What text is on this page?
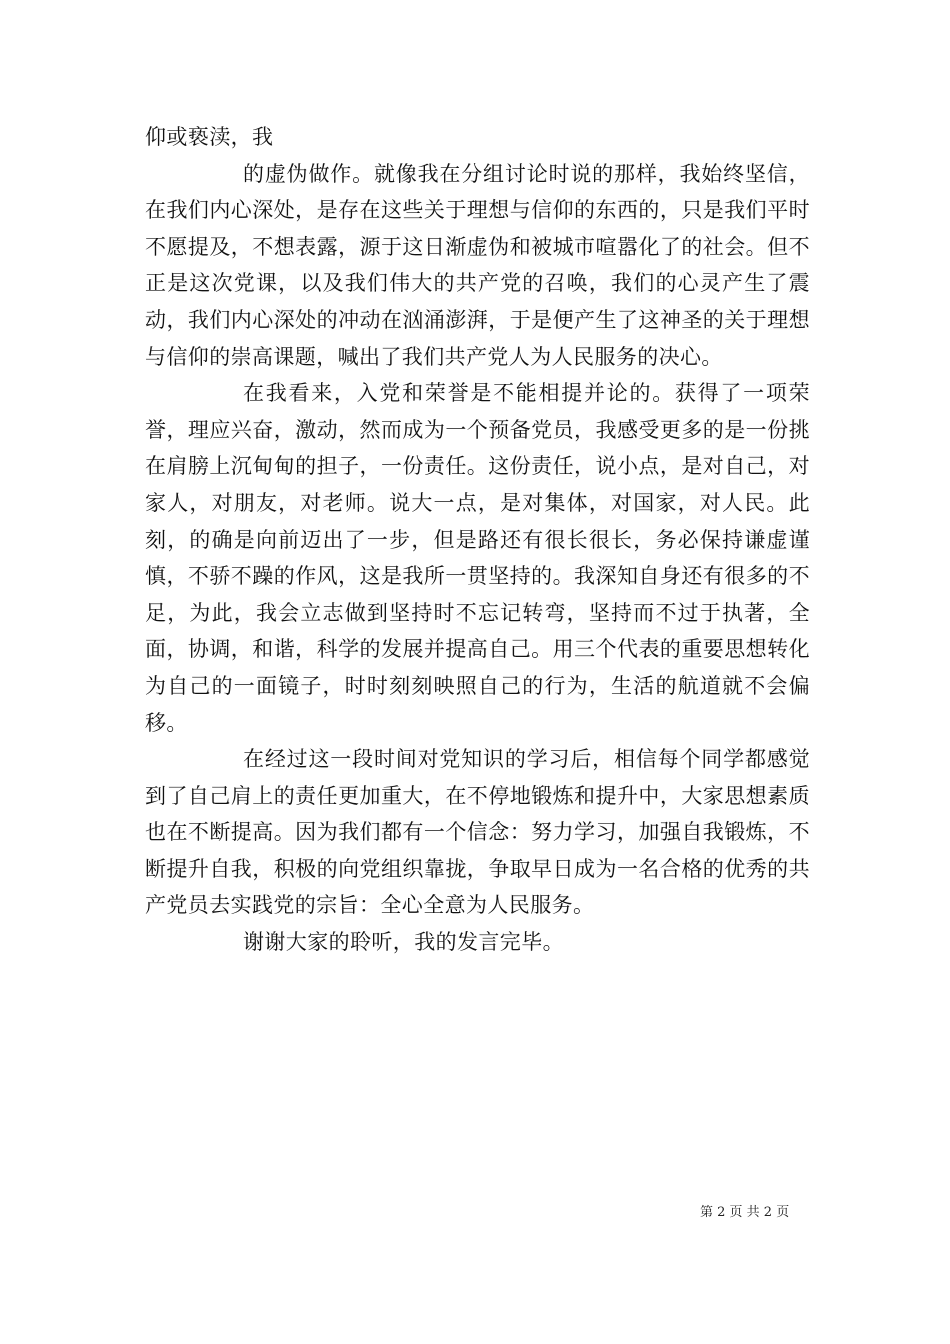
仰或亵渎，我

的虚伪做作。就像我在分组讨论时说的那样，我始终坚信，在我们内心深处，是存在这些关于理想与信仰的东西的，只是我们平时不愿提及，不想表露，源于这日渐虚伪和被城市喧嚣化了的社会。但不正是这次党课，以及我们伟大的共产党的召唤，我们的心灵产生了震动，我们内心深处的冲动在汹涌澎湃，于是便产生了这神圣的关于理想与信仰的崇高课题，喊出了我们共产党人为人民服务的决心。

在我看来，入党和荣誉是不能相提并论的。获得了一项荣誉，理应兴奋，激动，然而成为一个预备党员，我感受更多的是一份挑在肩膀上沉甸甸的担子，一份责任。这份责任，说小点，是对自己，对家人，对朋友，对老师。说大一点，是对集体，对国家，对人民。此刻，的确是向前迈出了一步，但是路还有很长很长，务必保持谦虚谨慎，不骄不躁的作风，这是我所一贯坚持的。我深知自身还有很多的不足，为此，我会立志做到坚持时不忘记转弯，坚持而不过于执著，全面，协调，和谐，科学的发展并提高自己。用三个代表的重要思想转化为自己的一面镜子，时时刻刻映照自己的行为，生活的航道就不会偏移。

在经过这一段时间对党知识的学习后，相信每个同学都感觉到了自己肩上的责任更加重大，在不停地锻炼和提升中，大家思想素质也在不断提高。因为我们都有一个信念：努力学习，加强自我锻炼，不断提升自我，积极的向党组织靠拢，争取早日成为一名合格的优秀的共产党员去实践党的宗旨：全心全意为人民服务。

谢谢大家的聆听，我的发言完毕。

第 2 页 共 2 页
